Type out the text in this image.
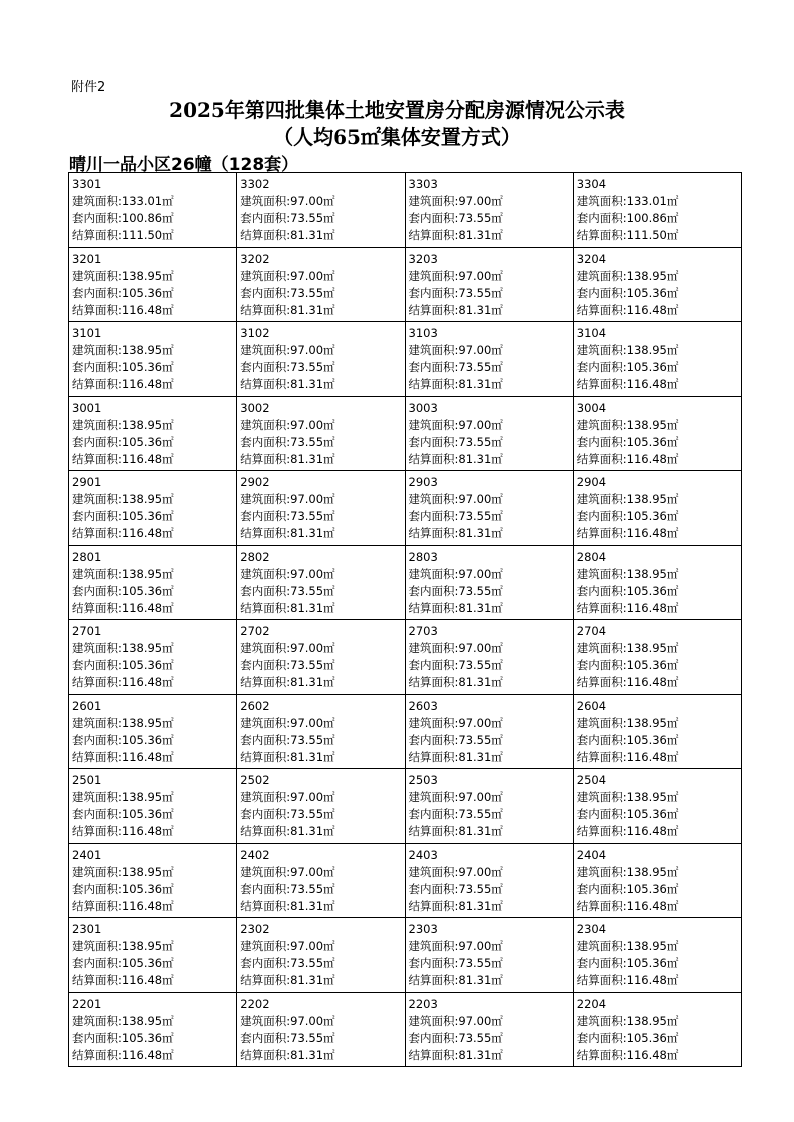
附件2
2025年第四批集体土地安置房分配房源情况公示表
（人均65㎡集体安置方式）
晴川一品小区26幢（128套）
3301
建筑面积:133.01㎡
套内面积:100.86㎡
结算面积:111.50㎡	3302
建筑面积:97.00㎡
套内面积:73.55㎡
结算面积:81.31㎡	3303
建筑面积:97.00㎡
套内面积:73.55㎡
结算面积:81.31㎡	3304
建筑面积:133.01㎡
套内面积:100.86㎡
结算面积:111.50㎡

3201
建筑面积:138.95㎡
套内面积:105.36㎡
结算面积:116.48㎡	3202
建筑面积:97.00㎡
套内面积:73.55㎡
结算面积:81.31㎡	3203
建筑面积:97.00㎡
套内面积:73.55㎡
结算面积:81.31㎡	3204
建筑面积:138.95㎡
套内面积:105.36㎡
结算面积:116.48㎡

3101
建筑面积:138.95㎡
套内面积:105.36㎡
结算面积:116.48㎡	3102
建筑面积:97.00㎡
套内面积:73.55㎡
结算面积:81.31㎡	3103
建筑面积:97.00㎡
套内面积:73.55㎡
结算面积:81.31㎡	3104
建筑面积:138.95㎡
套内面积:105.36㎡
结算面积:116.48㎡

3001
建筑面积:138.95㎡
套内面积:105.36㎡
结算面积:116.48㎡	3002
建筑面积:97.00㎡
套内面积:73.55㎡
结算面积:81.31㎡	3003
建筑面积:97.00㎡
套内面积:73.55㎡
结算面积:81.31㎡	3004
建筑面积:138.95㎡
套内面积:105.36㎡
结算面积:116.48㎡

2901
建筑面积:138.95㎡
套内面积:105.36㎡
结算面积:116.48㎡	2902
建筑面积:97.00㎡
套内面积:73.55㎡
结算面积:81.31㎡	2903
建筑面积:97.00㎡
套内面积:73.55㎡
结算面积:81.31㎡	2904
建筑面积:138.95㎡
套内面积:105.36㎡
结算面积:116.48㎡

2801
建筑面积:138.95㎡
套内面积:105.36㎡
结算面积:116.48㎡	2802
建筑面积:97.00㎡
套内面积:73.55㎡
结算面积:81.31㎡	2803
建筑面积:97.00㎡
套内面积:73.55㎡
结算面积:81.31㎡	2804
建筑面积:138.95㎡
套内面积:105.36㎡
结算面积:116.48㎡

2701
建筑面积:138.95㎡
套内面积:105.36㎡
结算面积:116.48㎡	2702
建筑面积:97.00㎡
套内面积:73.55㎡
结算面积:81.31㎡	2703
建筑面积:97.00㎡
套内面积:73.55㎡
结算面积:81.31㎡	2704
建筑面积:138.95㎡
套内面积:105.36㎡
结算面积:116.48㎡

2601
建筑面积:138.95㎡
套内面积:105.36㎡
结算面积:116.48㎡	2602
建筑面积:97.00㎡
套内面积:73.55㎡
结算面积:81.31㎡	2603
建筑面积:97.00㎡
套内面积:73.55㎡
结算面积:81.31㎡	2604
建筑面积:138.95㎡
套内面积:105.36㎡
结算面积:116.48㎡

2501
建筑面积:138.95㎡
套内面积:105.36㎡
结算面积:116.48㎡	2502
建筑面积:97.00㎡
套内面积:73.55㎡
结算面积:81.31㎡	2503
建筑面积:97.00㎡
套内面积:73.55㎡
结算面积:81.31㎡	2504
建筑面积:138.95㎡
套内面积:105.36㎡
结算面积:116.48㎡

2401
建筑面积:138.95㎡
套内面积:105.36㎡
结算面积:116.48㎡	2402
建筑面积:97.00㎡
套内面积:73.55㎡
结算面积:81.31㎡	2403
建筑面积:97.00㎡
套内面积:73.55㎡
结算面积:81.31㎡	2404
建筑面积:138.95㎡
套内面积:105.36㎡
结算面积:116.48㎡

2301
建筑面积:138.95㎡
套内面积:105.36㎡
结算面积:116.48㎡	2302
建筑面积:97.00㎡
套内面积:73.55㎡
结算面积:81.31㎡	2303
建筑面积:97.00㎡
套内面积:73.55㎡
结算面积:81.31㎡	2304
建筑面积:138.95㎡
套内面积:105.36㎡
结算面积:116.48㎡

2201
建筑面积:138.95㎡
套内面积:105.36㎡
结算面积:116.48㎡	2202
建筑面积:97.00㎡
套内面积:73.55㎡
结算面积:81.31㎡	2203
建筑面积:97.00㎡
套内面积:73.55㎡
结算面积:81.31㎡	2204
建筑面积:138.95㎡
套内面积:105.36㎡
结算面积:116.48㎡
